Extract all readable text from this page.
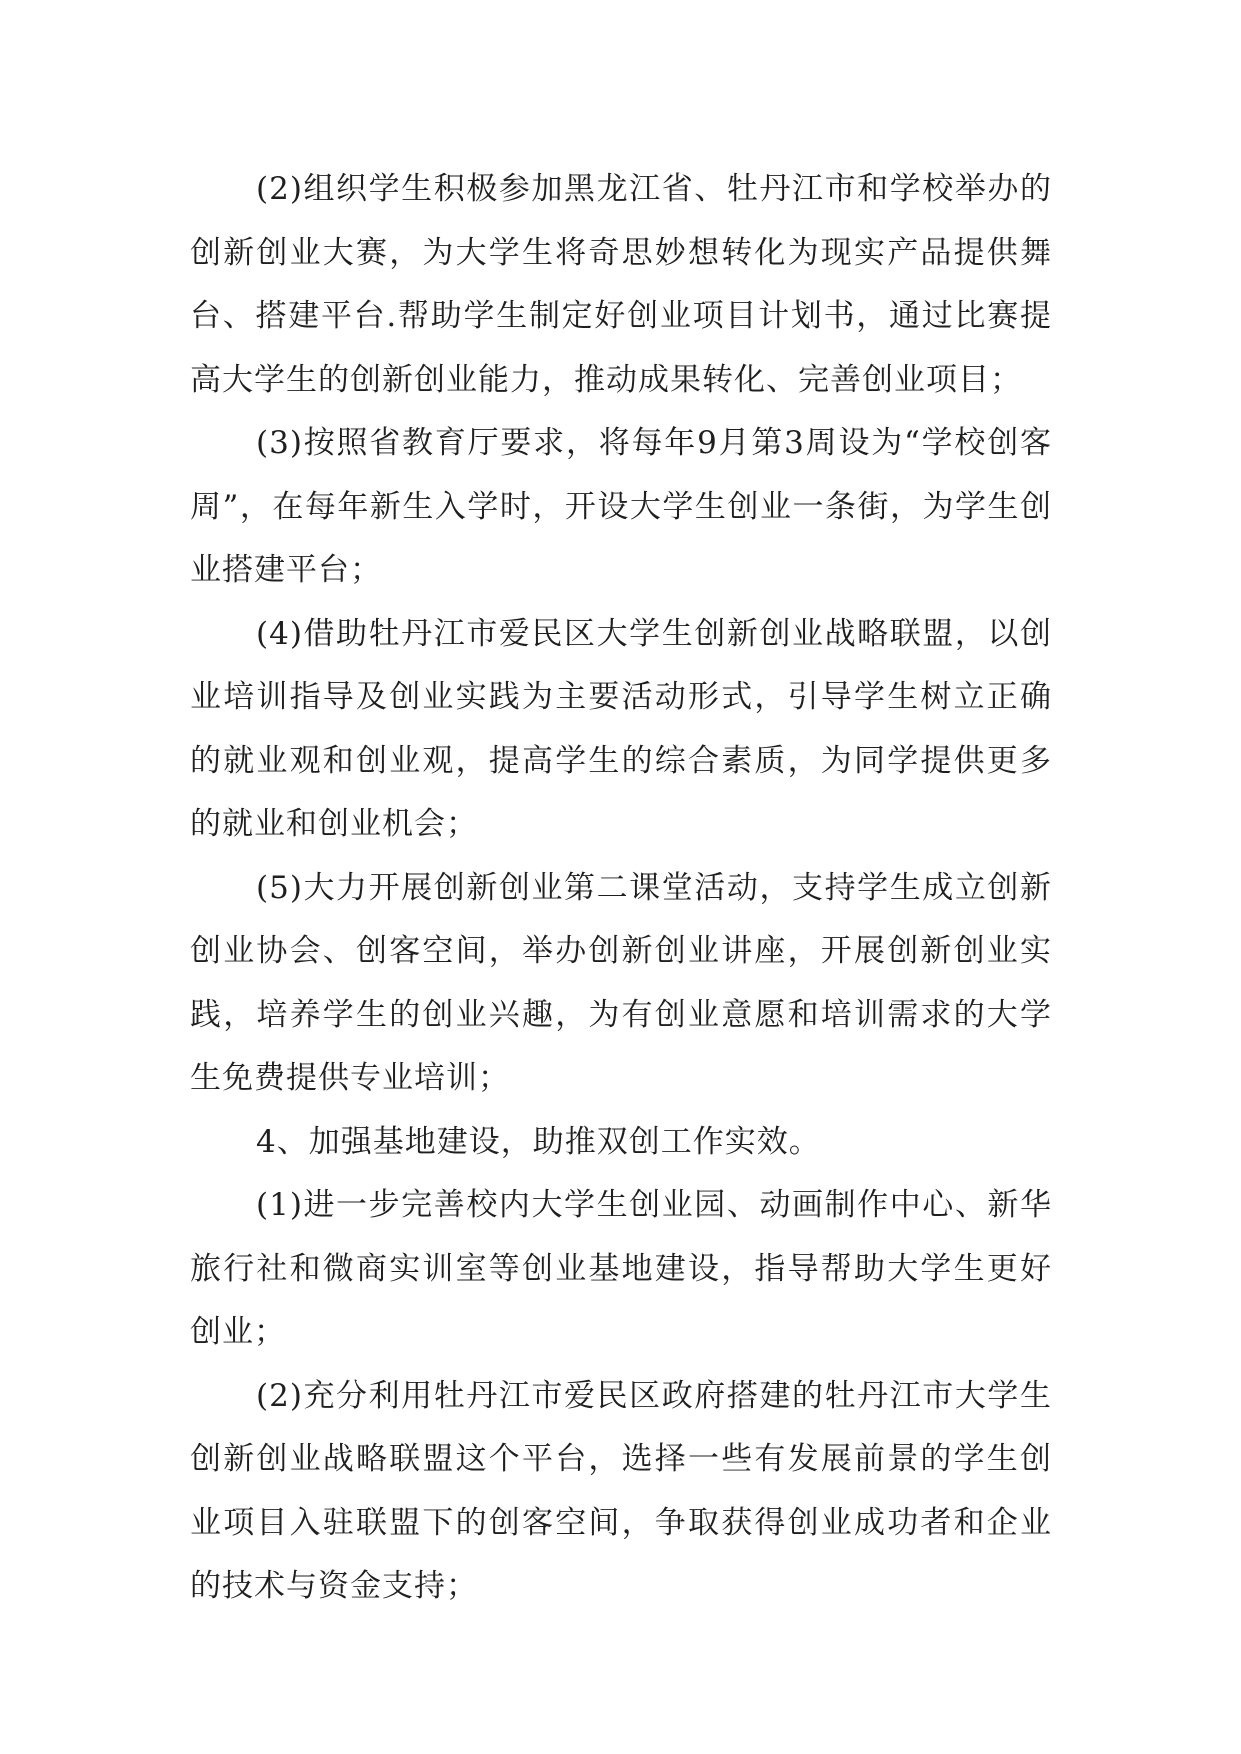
(2)组织学生积极参加黑龙江省、牡丹江市和学校举办的创新创业大赛，为大学生将奇思妙想转化为现实产品提供舞台、搭建平台.帮助学生制定好创业项目计划书，通过比赛提高大学生的创新创业能力，推动成果转化、完善创业项目；

(3)按照省教育厅要求，将每年9月第3周设为“学校创客周”，在每年新生入学时，开设大学生创业一条街，为学生创业搭建平台；

(4)借助牡丹江市爱民区大学生创新创业战略联盟，以创业培训指导及创业实践为主要活动形式，引导学生树立正确的就业观和创业观，提高学生的综合素质，为同学提供更多的就业和创业机会；

(5)大力开展创新创业第二课堂活动，支持学生成立创新创业协会、创客空间，举办创新创业讲座，开展创新创业实践，培养学生的创业兴趣，为有创业意愿和培训需求的大学生免费提供专业培训；

4、加强基地建设，助推双创工作实效。

(1)进一步完善校内大学生创业园、动画制作中心、新华旅行社和微商实训室等创业基地建设，指导帮助大学生更好创业；

(2)充分利用牡丹江市爱民区政府搭建的牡丹江市大学生创新创业战略联盟这个平台，选择一些有发展前景的学生创业项目入驻联盟下的创客空间，争取获得创业成功者和企业的技术与资金支持；
